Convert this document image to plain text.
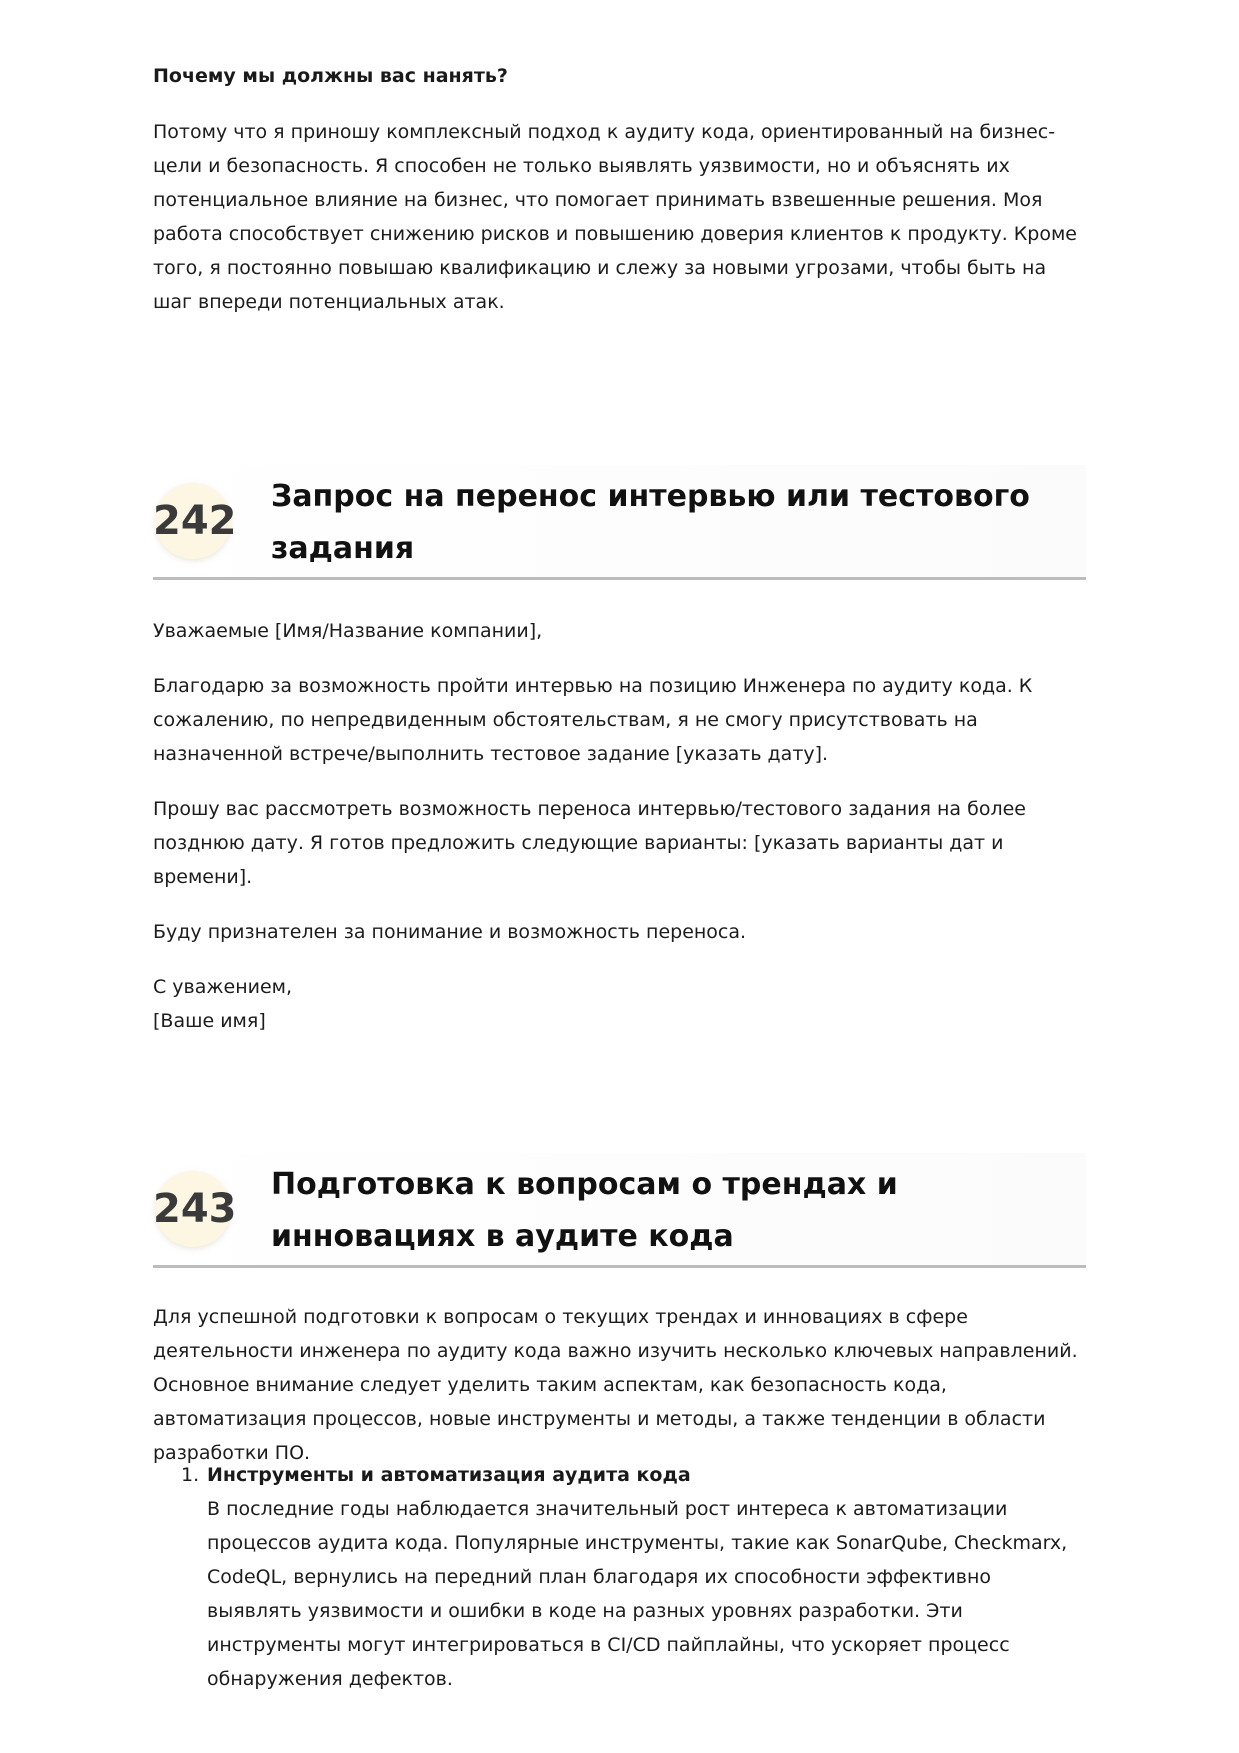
Почему мы должны вас нанять?

Потому что я приношу комплексный подход к аудиту кода, ориентированный на бизнес-цели и безопасность. Я способен не только выявлять уязвимости, но и объяснять их потенциальное влияние на бизнес, что помогает принимать взвешенные решения. Моя работа способствует снижению рисков и повышению доверия клиентов к продукту. Кроме того, я постоянно повышаю квалификацию и слежу за новыми угрозами, чтобы быть на шаг впереди потенциальных атак.

242
Запрос на перенос интервью или тестового задания

Уважаемые [Имя/Название компании],

Благодарю за возможность пройти интервью на позицию Инженера по аудиту кода. К сожалению, по непредвиденным обстоятельствам, я не смогу присутствовать на назначенной встрече/выполнить тестовое задание [указать дату].

Прошу вас рассмотреть возможность переноса интервью/тестового задания на более позднюю дату. Я готов предложить следующие варианты: [указать варианты дат и времени].

Буду признателен за понимание и возможность переноса.

С уважением,

[Ваше имя]

243
Подготовка к вопросам о трендах и инновациях в аудите кода

Для успешной подготовки к вопросам о текущих трендах и инновациях в сфере деятельности инженера по аудиту кода важно изучить несколько ключевых направлений. Основное внимание следует уделить таким аспектам, как безопасность кода, автоматизация процессов, новые инструменты и методы, а также тенденции в области разработки ПО.

1. Инструменты и автоматизация аудита кода

В последние годы наблюдается значительный рост интереса к автоматизации процессов аудита кода. Популярные инструменты, такие как SonarQube, Checkmarx, CodeQL, вернулись на передний план благодаря их способности эффективно выявлять уязвимости и ошибки в коде на разных уровнях разработки. Эти инструменты могут интегрироваться в CI/CD пайплайны, что ускоряет процесс обнаружения дефектов.
